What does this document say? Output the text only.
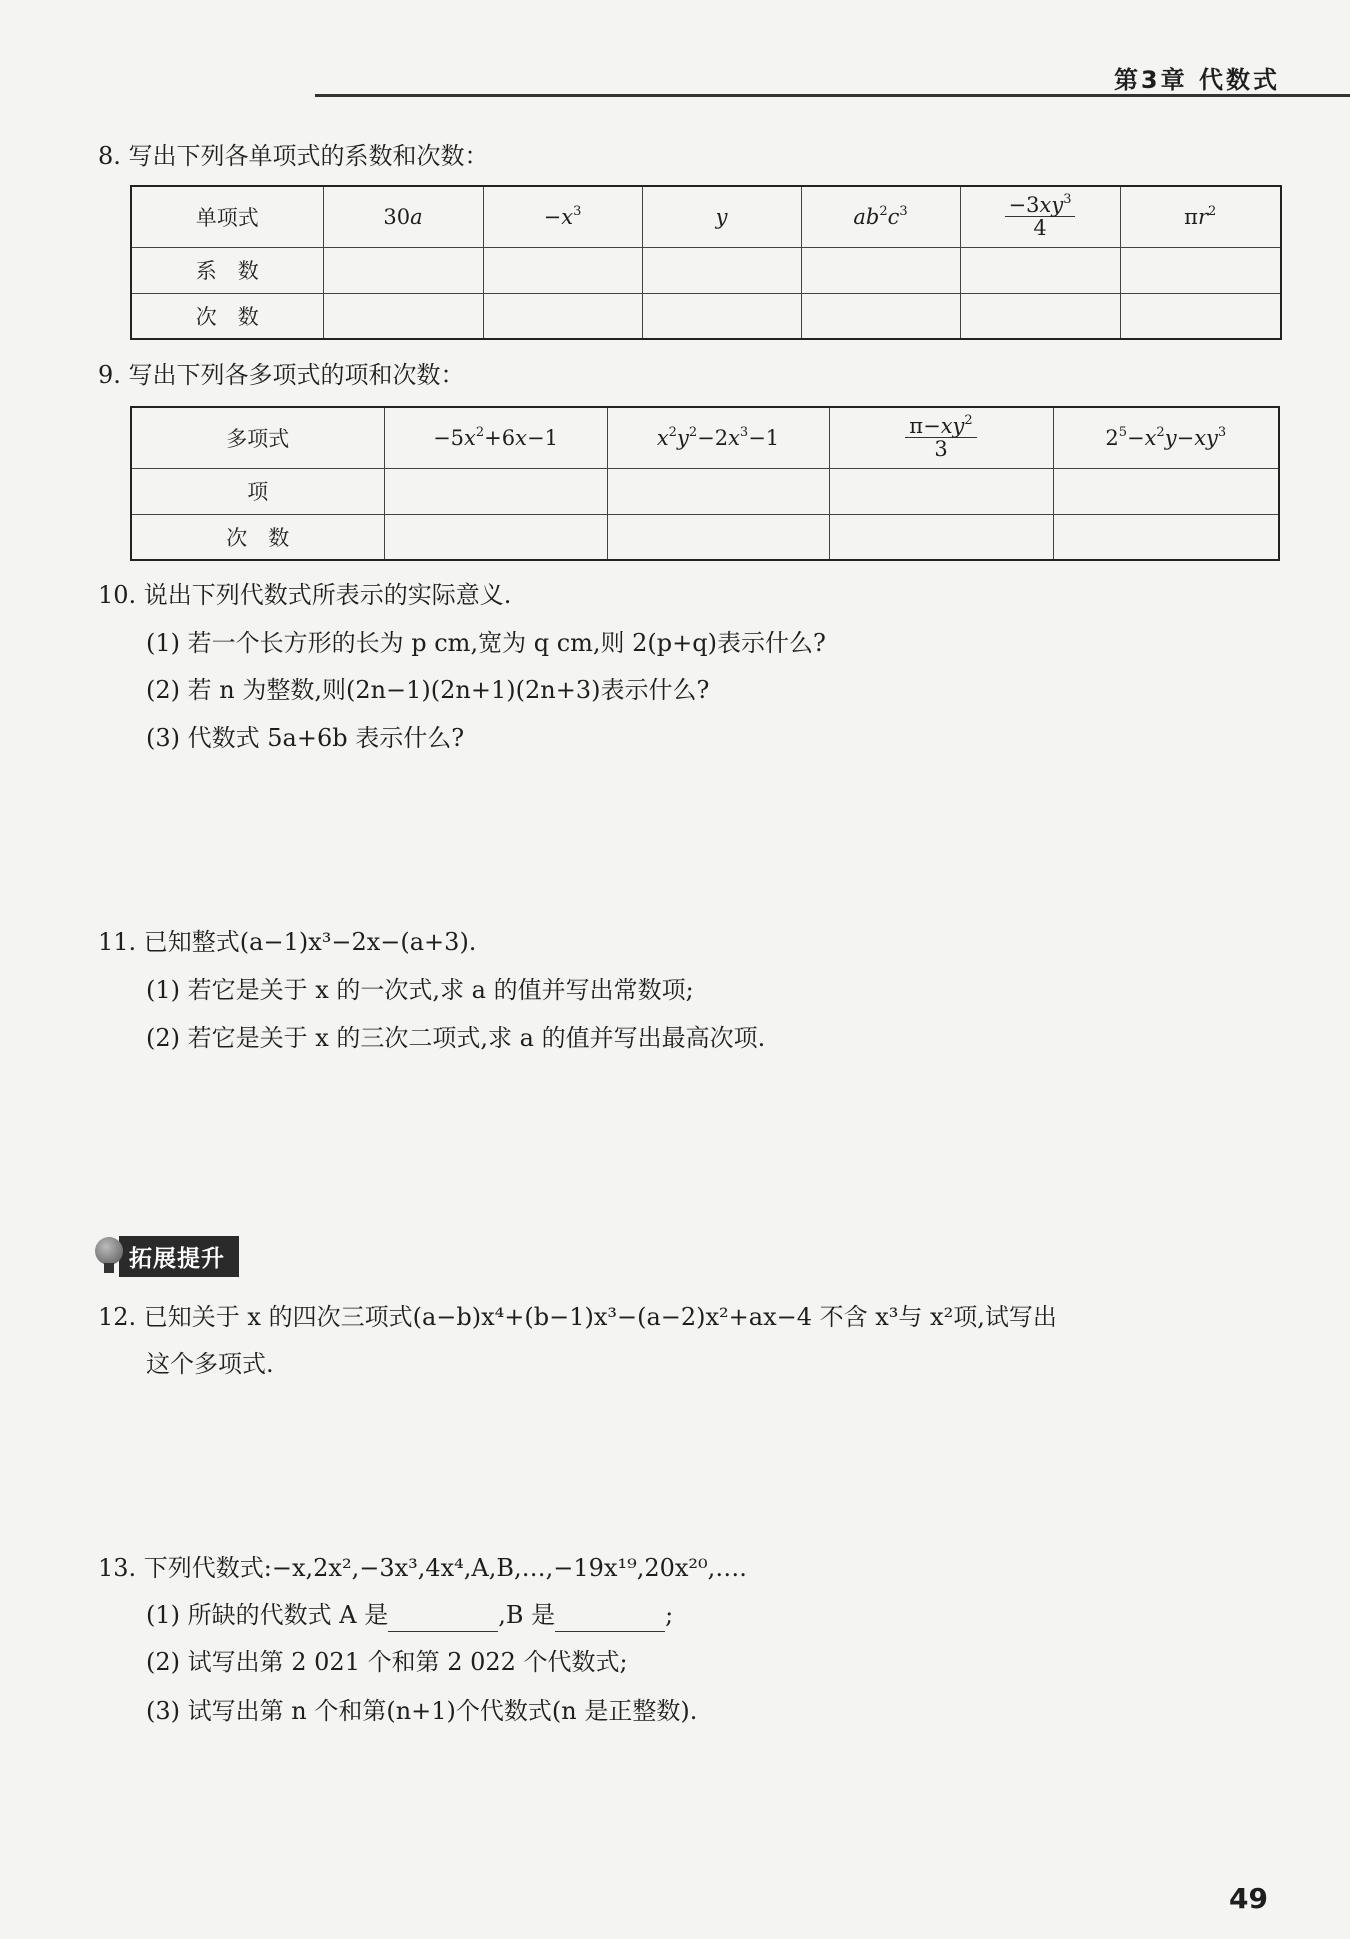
第3章 代数式
8. 写出下列各单项式的系数和次数：
单项式	30a	$-x^3$	y	$ab^2c^3$	$\frac{-3xy^3}{4}$	$\pi r^2$
系　数						
次　数						
9. 写出下列各多项式的项和次数：
多项式	$-5x^2+6x-1$	$x^2y^2-2x^3-1$	$\frac{\pi-xy^2}{3}$	$2^5-x^2y-xy^3$
项				
次　数				
10. 说出下列代数式所表示的实际意义.
(1) 若一个长方形的长为 p cm,宽为 q cm,则 2(p+q)表示什么?
(2) 若 n 为整数,则(2n−1)(2n+1)(2n+3)表示什么?
(3) 代数式 5a+6b 表示什么?
11. 已知整式(a−1)x³−2x−(a+3).
(1) 若它是关于 x 的一次式,求 a 的值并写出常数项;
(2) 若它是关于 x 的三次二项式,求 a 的值并写出最高次项.
拓展提升
12. 已知关于 x 的四次三项式(a−b)x⁴+(b−1)x³−(a−2)x²+ax−4 不含 x³与 x²项,试写出
这个多项式.
13. 下列代数式:−x,2x²,−3x³,4x⁴,A,B,…,−19x¹⁹,20x²⁰,….
(1) 所缺的代数式 A 是	,B 是	;
(2) 试写出第 2 021 个和第 2 022 个代数式;
(3) 试写出第 n 个和第(n+1)个代数式(n 是正整数).
49
